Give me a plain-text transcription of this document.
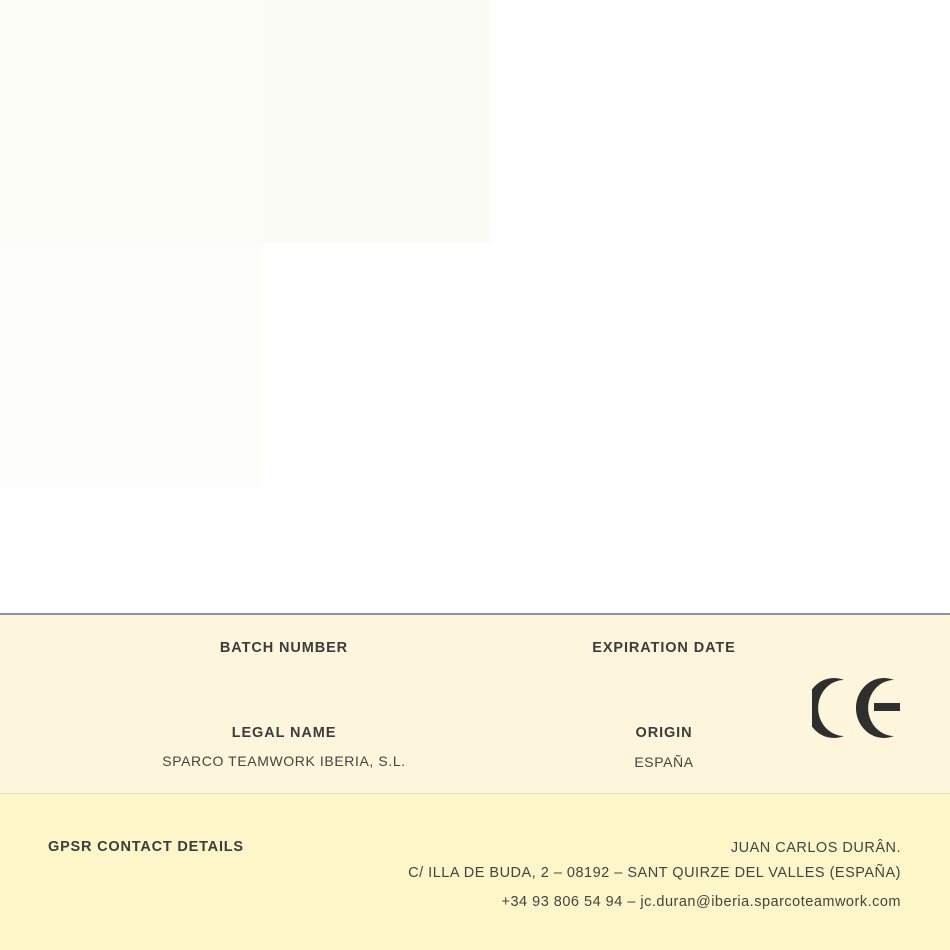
BATCH NUMBER	EXPIRATION DATE
LEGAL NAME
SPARCO TEAMWORK IBERIA, S.L.
ORIGIN
ESPAÑA
GPSR CONTACT DETAILS	JUAN CARLOS DURÂN.
C/ ILLA DE BUDA, 2 – 08192 – SANT QUIRZE DEL VALLES (ESPAÑA)
+34 93 806 54 94 – jc.duran@iberia.sparcoteamwork.com
